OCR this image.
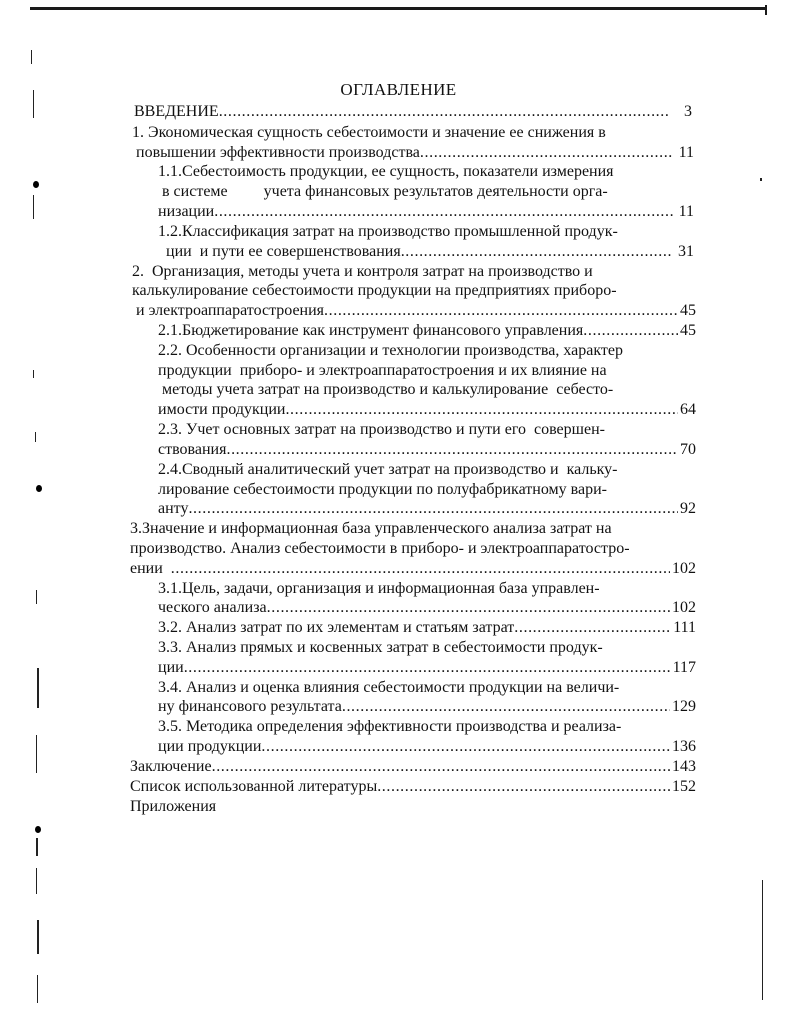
ОГЛАВЛЕНИЕ
ВВЕДЕНИЕ .....	3
1. Экономическая сущность себестоимости и значение ее снижения в
повышении эффективности производства .....	11
1.1.Себестоимость продукции, ее сущность, показатели измерения
в системе         учета финансовых результатов деятельности орга-
низации .....	11
1.2.Классификация затрат на производство промышленной продук-
ции  и пути ее совершенствования .....	31
2.  Организация, методы учета и контроля затрат на производство и
калькулирование себестоимости продукции на предприятиях приборо-
и электроаппаратостроения .....	45
2.1.Бюджетирование как инструмент финансового управления .....	45
2.2. Особенности организации и технологии производства, характер
продукции  приборо- и электроаппаратостроения и их влияние на
методы учета затрат на производство и калькулирование  себесто-
имости продукции .....	64
2.3. Учет основных затрат на производство и пути его  совершен-
ствования .....	70
2.4.Сводный аналитический учет затрат на производство и  кальку-
лирование себестоимости продукции по полуфабрикатному вари-
анту .....	92
3.Значение и информационная база управленческого анализа затрат на
производство. Анализ себестоимости в приборо- и электроаппаратостро-
ении .....	102
3.1.Цель, задачи, организация и информационная база управлен-
ческого анализа .....	102
3.2. Анализ затрат по их элементам и статьям затрат .....	111
3.3. Анализ прямых и косвенных затрат в себестоимости продук-
ции .....	117
3.4. Анализ и оценка влияния себестоимости продукции на величи-
ну финансового результата .....	129
3.5. Методика определения эффективности производства и реализа-
ции продукции .....	136
Заключение .....	143
Список использованной литературы .....	152
Приложения
